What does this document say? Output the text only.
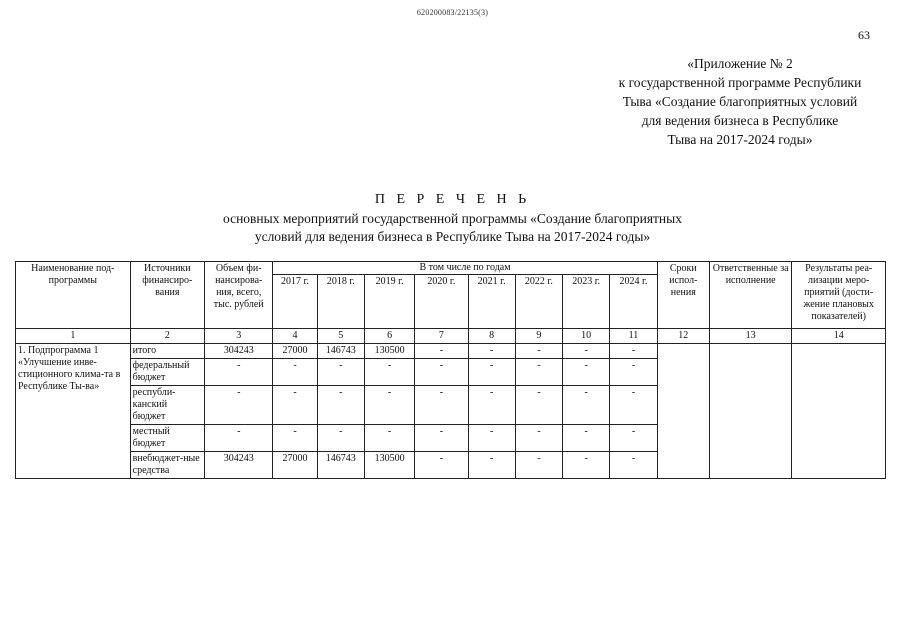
620200083/22135(3)
63
«Приложение № 2
к государственной программе Республики
Тыва «Создание благоприятных условий
для ведения бизнеса в Республике
Тыва на 2017-2024 годы»
П Е Р Е Ч Е Н Ь
основных мероприятий государственной программы «Создание благоприятных
условий для ведения бизнеса в Республике Тыва на 2017-2024 годы»
Наименование под-программы	Источники финансиро-вания	Объем фи-нансирова-ния, всего, тыс. рублей	В том числе по годам								Сроки испол-нения	Ответственные за исполнение	Результаты реа-лизации меро-приятий (дости-жение плановых показателей)
			2017 г.	2018 г.	2019 г.	2020 г.	2021 г.	2022 г.	2023 г.	2024 г.			
1	2	3	4	5	6	7	8	9	10	11	12	13	14
1. Подпрограмма 1 «Улучшение инве-стиционного клима-та в Республике Ты-ва»	итого	304243	27000	146743	130500	-	-	-	-	-			
	федеральный бюджет	-	-	-	-	-	-	-	-	-			
	республи-канский бюджет	-	-	-	-	-	-	-	-	-			
	местный бюджет	-	-	-	-	-	-	-	-	-			
	внебюджет-ные средства	304243	27000	146743	130500	-	-	-	-	-			
